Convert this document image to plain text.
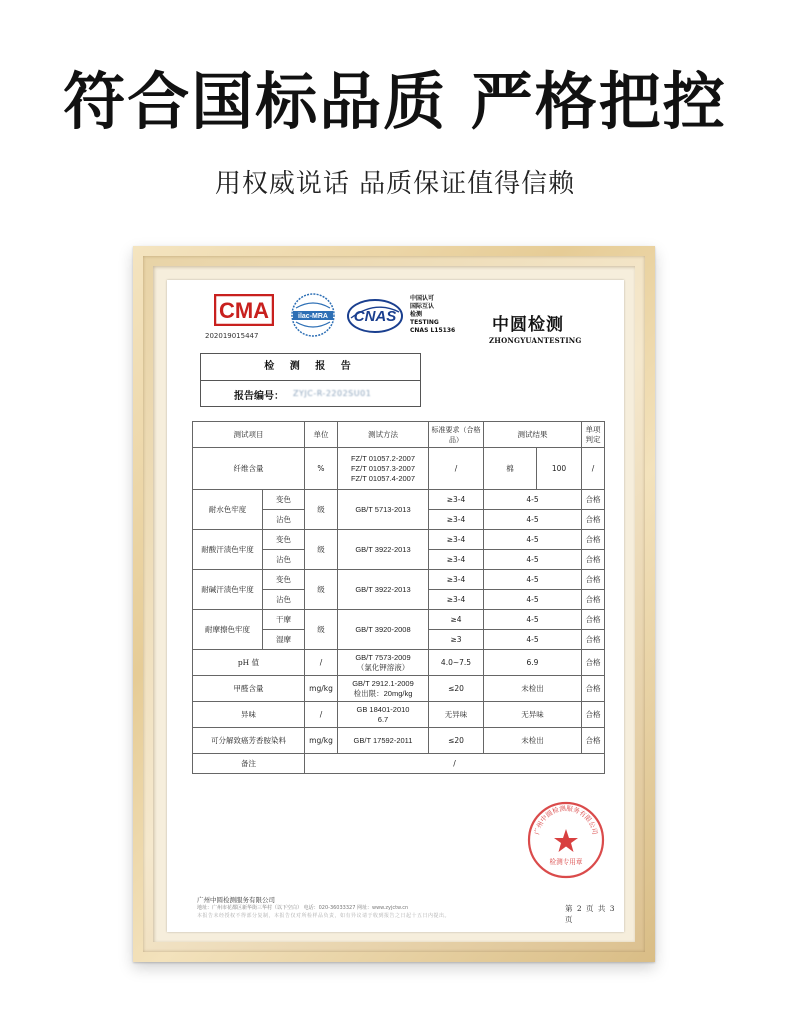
符合国标品质 严格把控
用权威说话 品质保证值得信赖
CMA
202019015447
ilac-MRA CNAS
中国认可
国际互认
检测
TESTING
CNAS L15136 中圆检测
ZHONGYUANTESTING
检 测 报 告
报告编号： ZYJC-R-2202SU01
测试项目		单位	测试方法	标准要求（合格品）	测试结果		单项判定
纤维含量		%	FZ/T 01057.2-2007
FZ/T 01057.3-2007
FZ/T 01057.4-2007	/	棉	100	/
耐水色牢度	变色	级	GB/T 5713-2013	≥3-4	4-5		合格
	沾色			≥3-4	4-5		合格
耐酸汗渍色牢度	变色	级	GB/T 3922-2013	≥3-4	4-5		合格
	沾色			≥3-4	4-5		合格
耐碱汗渍色牢度	变色	级	GB/T 3922-2013	≥3-4	4-5		合格
	沾色			≥3-4	4-5		合格
耐摩擦色牢度	干摩	级	GB/T 3920-2008	≥4	4-5		合格
	湿摩			≥3	4-5		合格
pH 值		/	GB/T 7573-2009
（氯化钾溶液）	4.0~7.5	6.9		合格
甲醛含量		mg/kg	GB/T 2912.1-2009
检出限：20mg/kg	≤20	未检出		合格
异味		/	GB 18401-2010
6.7	无异味	无异味		合格
可分解致癌芳香胺染料		mg/kg	GB/T 17592-2011	≤20	未检出		合格
备注		/					
广州中圆检测服务有限公司
检测专用章
广州中圆检测服务有限公司
地址：广州市花都区新华街三华村（以下空白） 电话：020-36033327 网址：www.zyjctw.cn
本报告未经授权不得部分复制，本报告仅对所检样品负责，如有异议请于收到报告之日起十五日内提出。
第 2 页 共 3 页
